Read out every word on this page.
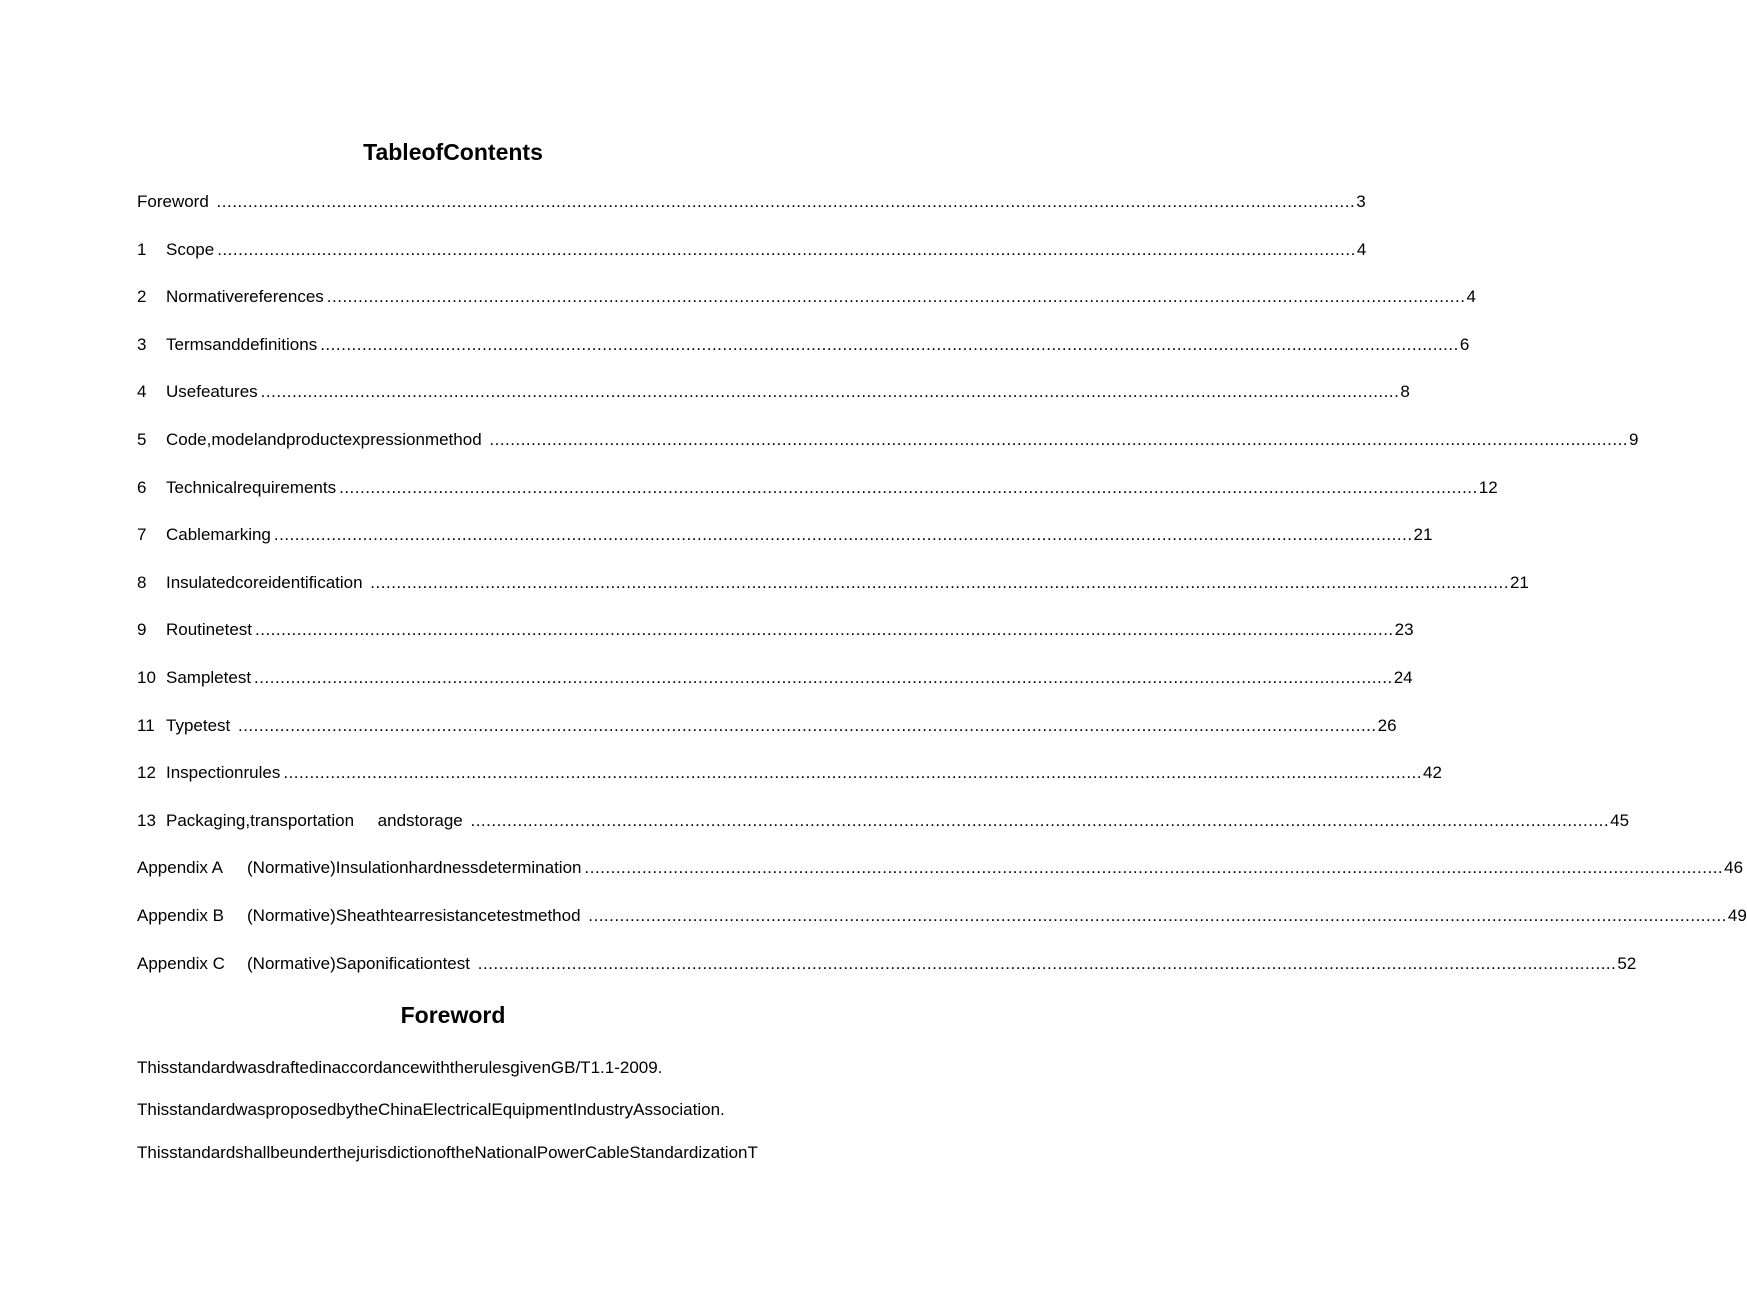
TableofContents
Foreword .....	3
1	Scope .....	4
2	Normativereferences .....	4
3	Termsanddefinitions .....	6
4	Usefeatures .....	8
5	Code,modelandproductexpressionmethod .....	9
6	Technicalrequirements .....	12
7	Cablemarking .....	21
8	Insulatedcoreidentification .....	21
9	Routinetest .....	23
10 Sampletest .....	24
11 Typetest .....	26
12 Inspectionrules .....	42
13 Packaging,transportation     andstorage .....	45
Appendix A	(Normative)Insulationhardnessdetermination .....	46
Appendix B	(Normative)Sheathtearresistancetestmethod .....	49
Appendix C	(Normative)Saponificationtest .....	52
Foreword

ThisstandardwasdraftedinaccordancewiththerulesgivenGB/T1.1-2009.

ThisstandardwasproposedbytheChinaElectricalEquipmentIndustryAssociation.

ThisstandardshallbeunderthejurisdictionoftheNationalPowerCableStandardizationT
